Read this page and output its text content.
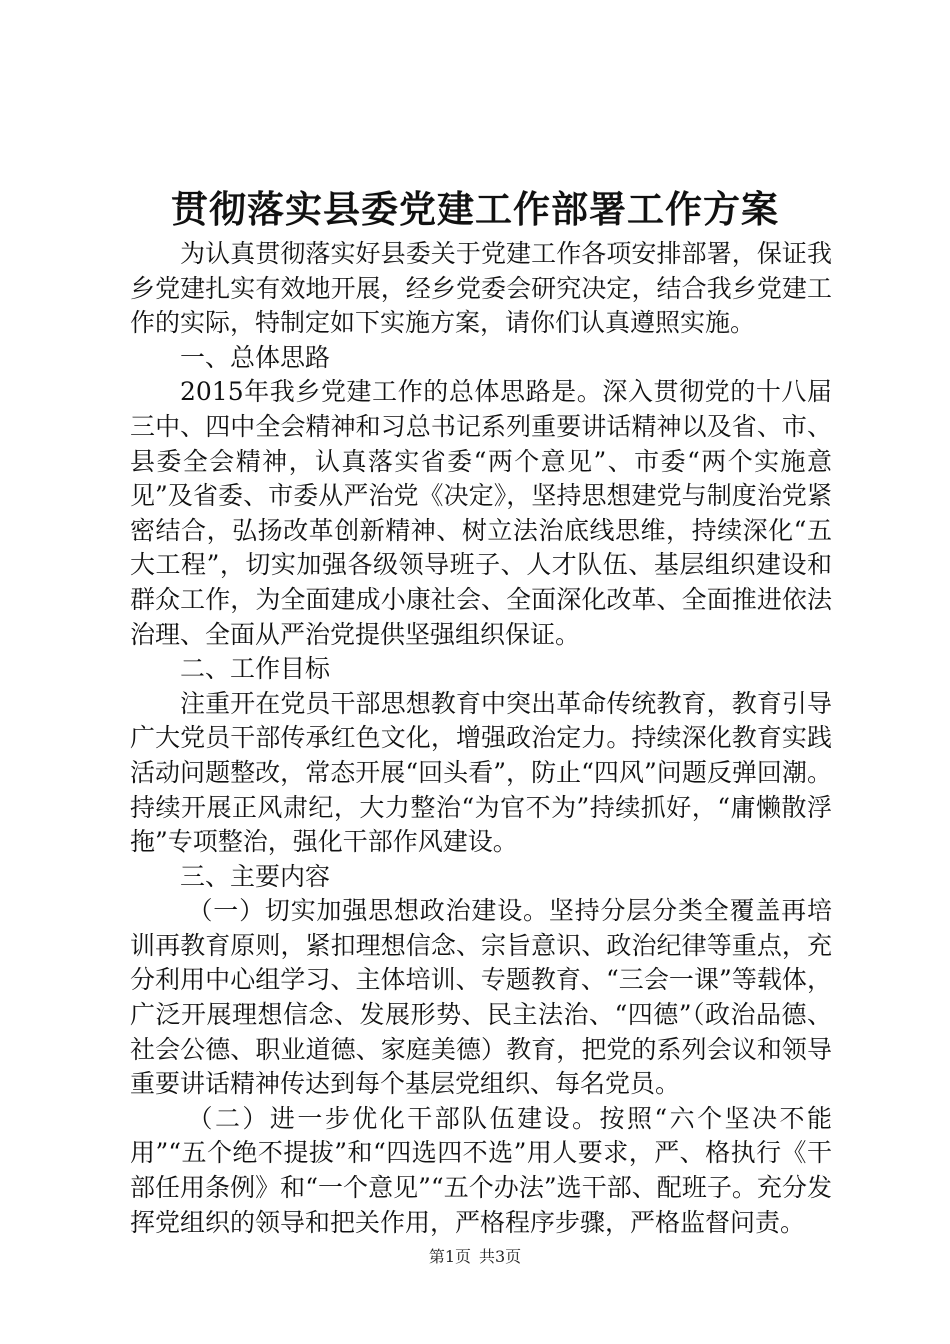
贯彻落实县委党建工作部署工作方案

为认真贯彻落实好县委关于党建工作各项安排部署，保证我乡党建扎实有效地开展，经乡党委会研究决定，结合我乡党建工作的实际，特制定如下实施方案，请你们认真遵照实施。

一、总体思路

2015年我乡党建工作的总体思路是。深入贯彻党的十八届三中、四中全会精神和习总书记系列重要讲话精神以及省、市、县委全会精神，认真落实省委“两个意见”、市委“两个实施意见”及省委、市委从严治党《决定》，坚持思想建党与制度治党紧密结合，弘扬改革创新精神、树立法治底线思维，持续深化“五大工程”，切实加强各级领导班子、人才队伍、基层组织建设和群众工作，为全面建成小康社会、全面深化改革、全面推进依法治理、全面从严治党提供坚强组织保证。

二、工作目标

注重开在党员干部思想教育中突出革命传统教育，教育引导广大党员干部传承红色文化，增强政治定力。持续深化教育实践活动问题整改，常态开展“回头看”，防止“四风”问题反弹回潮。持续开展正风肃纪，大力整治“为官不为”持续抓好，“庸懒散浮拖”专项整治，强化干部作风建设。

三、主要内容

（一）切实加强思想政治建设。坚持分层分类全覆盖再培训再教育原则，紧扣理想信念、宗旨意识、政治纪律等重点，充分利用中心组学习、主体培训、专题教育、“三会一课”等载体，广泛开展理想信念、发展形势、民主法治、“四德”（政治品德、社会公德、职业道德、家庭美德）教育，把党的系列会议和领导重要讲话精神传达到每个基层党组织、每名党员。

（二）进一步优化干部队伍建设。按照“六个坚决不能用”“五个绝不提拔”和“四选四不选”用人要求，严、格执行《干部任用条例》和“一个意见”“五个办法”选干部、配班子。充分发挥党组织的领导和把关作用，严格程序步骤，严格监督问责。

第1页 共3页
